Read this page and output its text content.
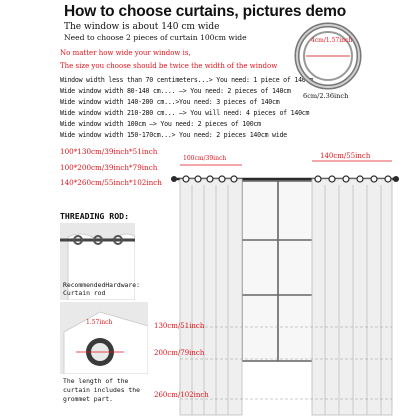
How to choose curtains, pictures demo
The window is about 140 cm wide
Need to choose 2 pieces of curtain 100cm wide
No matter how wide your window is,
The size you choose should be twice the width of the window
Window width less than 70 centimeters...> You need: 1 piece of 140cm
Wide window width 80-140 cm.... –> You need: 2 pieces of 140cm
Wide window width 140-200 cm...>You need: 3 pieces of 140cm
Wide window width 210-280 cm... –> You will need: 4 pieces of 140cm
Wide window width 100cm –> You need: 2 pieces of 100cm
Wide window width 150-170cm...> You need: 2 pieces 140cm wide
4cm/1.57inch
6cm/2.36inch
100*130cm/39inch*51inch
100*200cm/39inch*79inch
140*260cm/55inch*102inch
100cm/39inch	140cm/55inch
130cm/51inch
200cm/79inch
260cm/102inch
THREADING ROD:
RecommendedHardware:
Curtain rod
1.57inch
The length of the
curtain includes the
grommet part.
